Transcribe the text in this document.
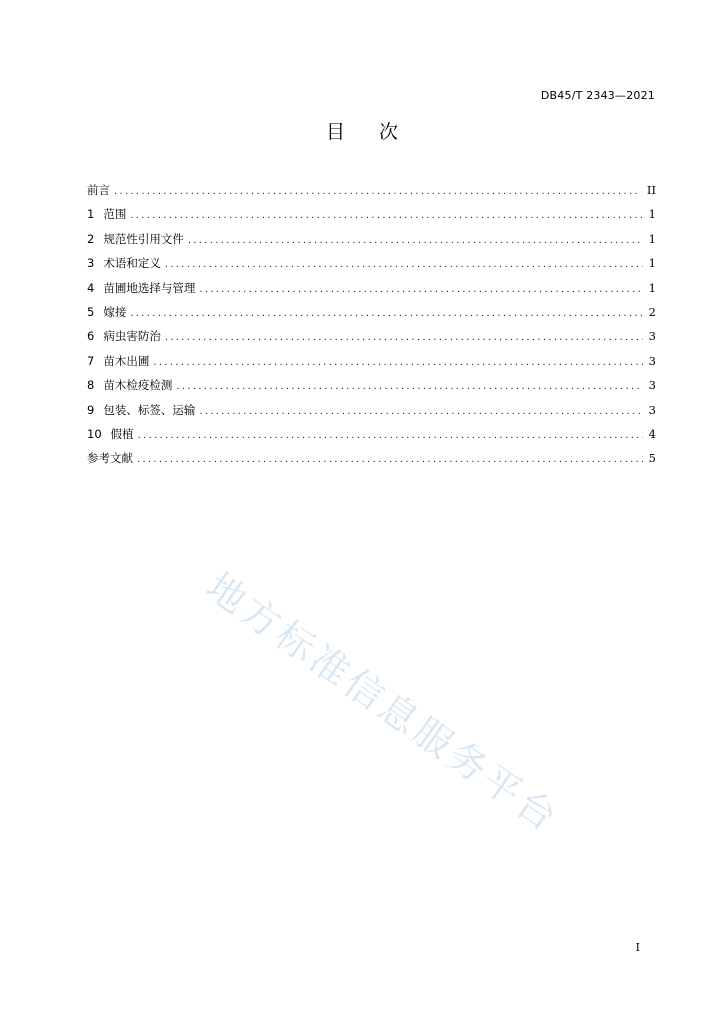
DB45/T 2343—2021
目次
前言 .....	II
1 范围 .....	1
2 规范性引用文件 .....	1
3 术语和定义 .....	1
4 苗圃地选择与管理 .....	1
5 嫁接 .....	2
6 病虫害防治 .....	3
7 苗木出圃 .....	3
8 苗木检疫检测 .....	3
9 包装、标签、运输 .....	3
10 假植 .....	4
参考文献 .....	5
地方标准信息服务平台
I
